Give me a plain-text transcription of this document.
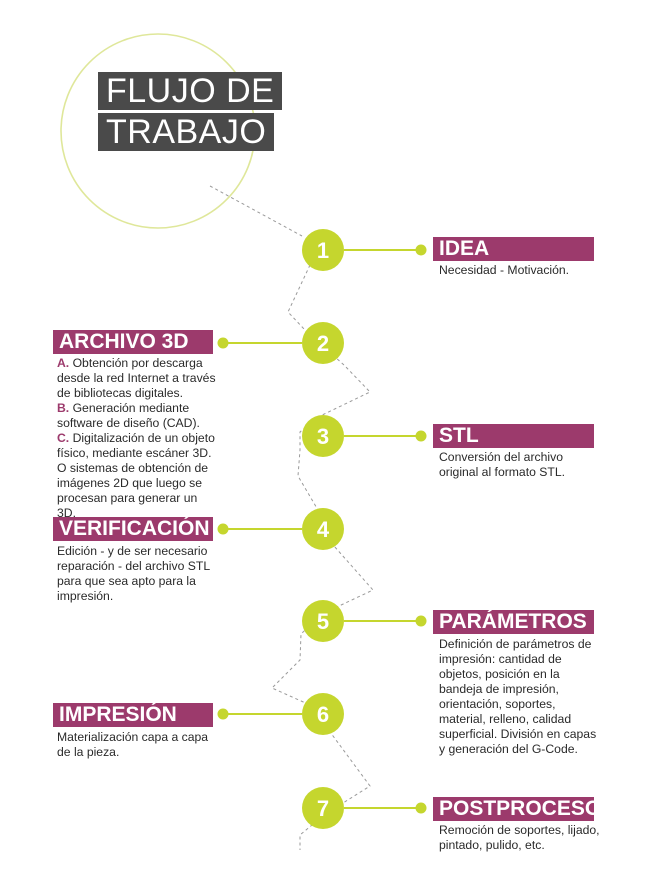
1
2
3
4
5
6
7
FLUJO DE
TRABAJO
IDEA
ARCHIVO 3D
STL
VERIFICACIÓN
PARÁMETROS
IMPRESIÓN
POSTPROCESOS
Necesidad - Motivación.

A. Obtención por descarga desde la red Internet a través de bibliotecas digitales.

B. Generación mediante software de diseño (CAD).

C. Digitalización de un objeto físico, mediante escáner 3D. O sistemas de obtención de imágenes 2D que luego se procesan para generar un 3D.

Conversión del archivo original al formato STL.
Edición - y de ser necesario reparación - del archivo STL para que sea apto para la impresión.
Definición de parámetros de impresión: cantidad de objetos, posición en la bandeja de impresión, orientación, soportes, material, relleno, calidad superficial. División en capas y generación del G-Code.
Materialización capa a capa de la pieza.
Remoción de soportes, lijado, pintado, pulido, etc.
